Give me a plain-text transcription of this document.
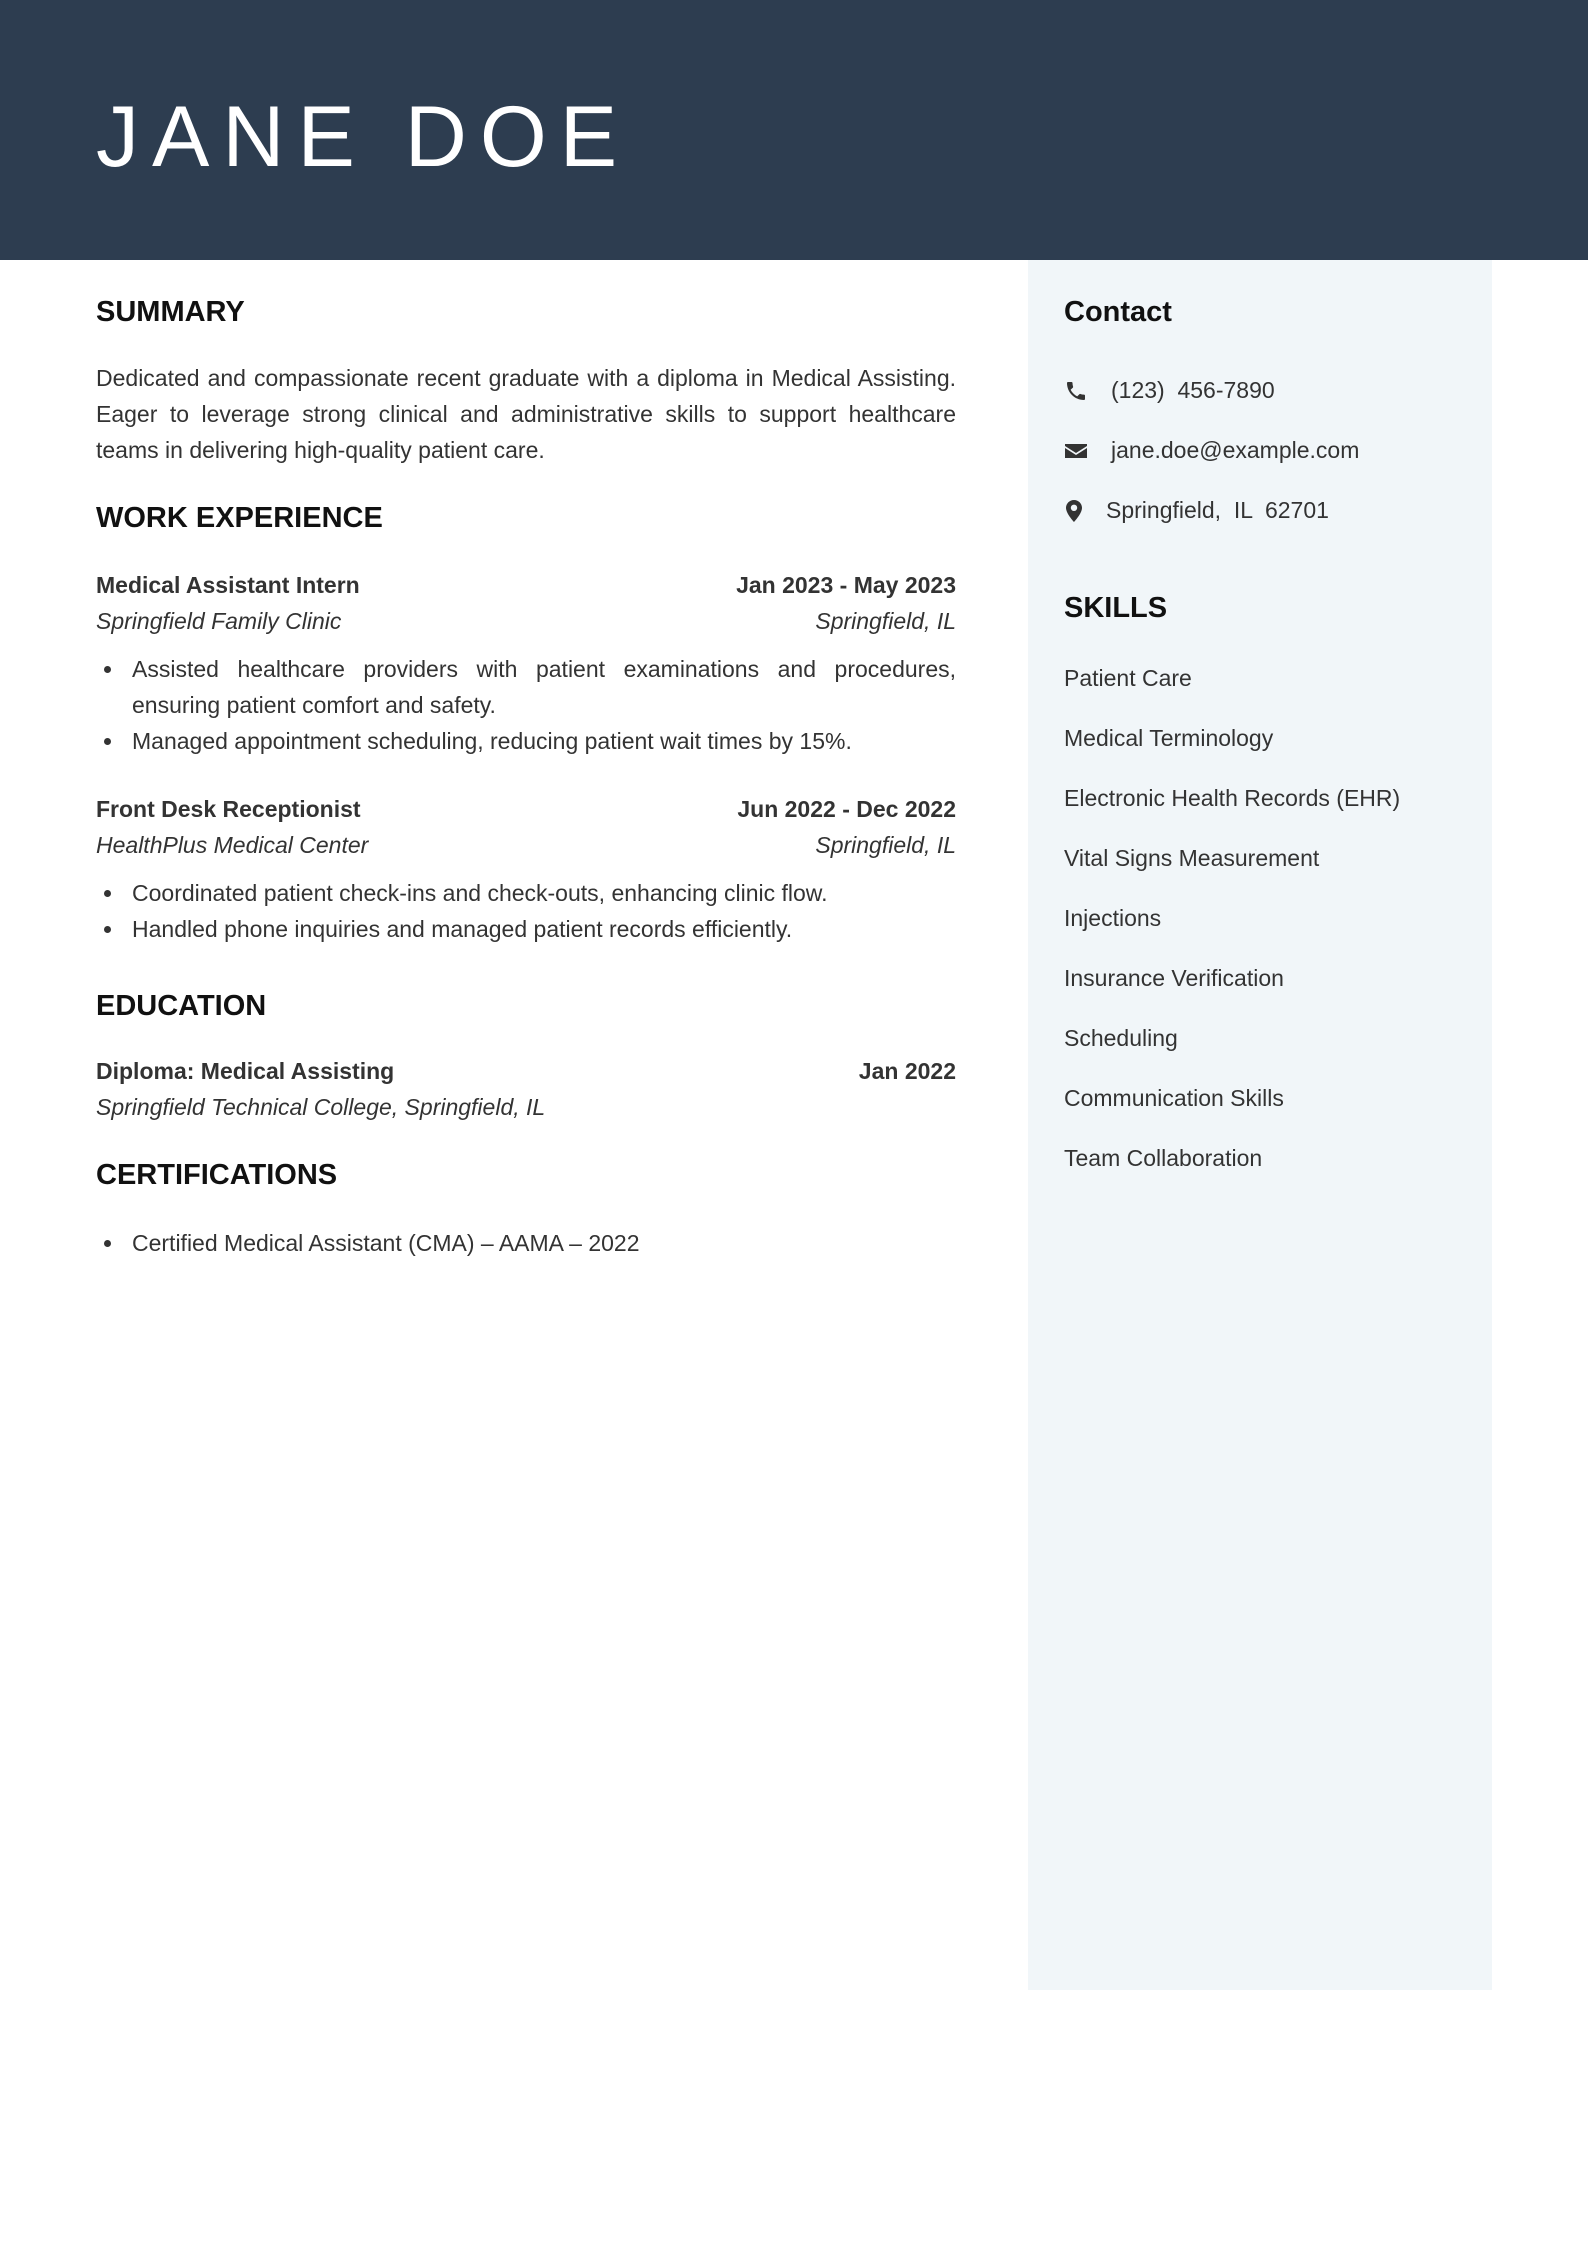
JANE DOE
Contact
(123)  456-7890
jane.doe@example.com
Springfield,  IL  62701
SKILLS
Patient Care
Medical Terminology
Electronic Health Records (EHR)
Vital Signs Measurement
Injections
Insurance Verification
Scheduling
Communication Skills
Team Collaboration
SUMMARY
Dedicated and compassionate recent graduate with a diploma in Medical Assisting. Eager to leverage strong clinical and administrative skills to support healthcare teams in delivering high-quality patient care.
WORK EXPERIENCE
Medical Assistant Intern	Jan 2023 - May 2023
Springfield Family Clinic	Springfield, IL
Assisted healthcare providers with patient examinations and procedures, ensuring patient comfort and safety.
Managed appointment scheduling, reducing patient wait times by 15%.
Front Desk Receptionist	Jun 2022 - Dec 2022
HealthPlus Medical Center	Springfield, IL
Coordinated patient check-ins and check-outs, enhancing clinic flow.
Handled phone inquiries and managed patient records efficiently.
EDUCATION
Diploma: Medical Assisting	Jan 2022
Springfield Technical College, Springfield, IL
CERTIFICATIONS
Certified Medical Assistant (CMA) – AAMA – 2022
